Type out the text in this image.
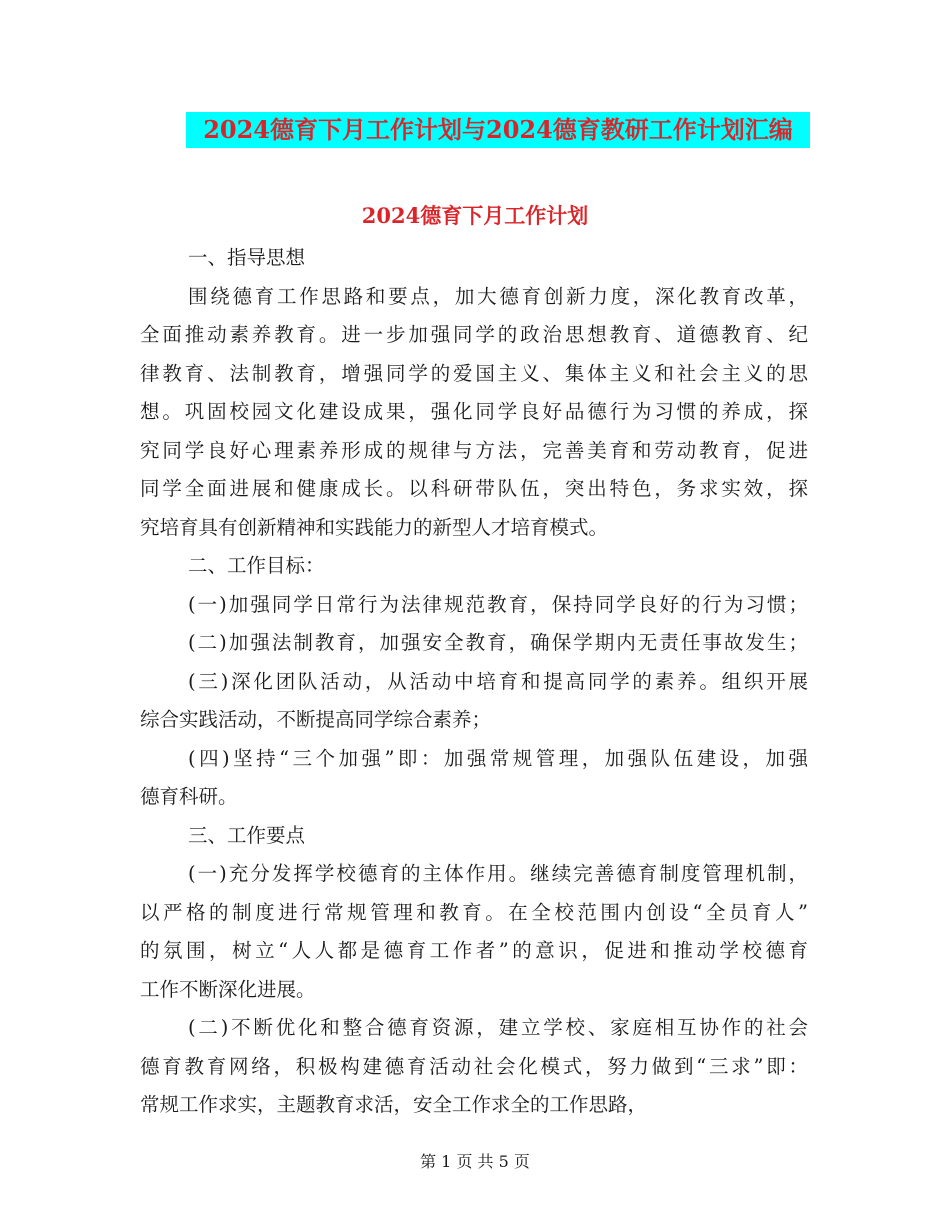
2024德育下月工作计划与2024德育教研工作计划汇编
2024德育下月工作计划
一、指导思想
围绕德育工作思路和要点，加大德育创新力度，深化教育改革，
全面推动素养教育。进一步加强同学的政治思想教育、道德教育、纪
律教育、法制教育，增强同学的爱国主义、集体主义和社会主义的思
想。巩固校园文化建设成果，强化同学良好品德行为习惯的养成，探
究同学良好心理素养形成的规律与方法，完善美育和劳动教育，促进
同学全面进展和健康成长。以科研带队伍，突出特色，务求实效，探
究培育具有创新精神和实践能力的新型人才培育模式。
二、工作目标：
(一)加强同学日常行为法律规范教育，保持同学良好的行为习惯；
(二)加强法制教育，加强安全教育，确保学期内无责任事故发生；
(三)深化团队活动，从活动中培育和提高同学的素养。组织开展
综合实践活动，不断提高同学综合素养；
(四)坚持“三个加强”即：加强常规管理，加强队伍建设，加强
德育科研。
三、工作要点
(一)充分发挥学校德育的主体作用。继续完善德育制度管理机制，
以严格的制度进行常规管理和教育。在全校范围内创设“全员育人”
的氛围，树立“人人都是德育工作者”的意识，促进和推动学校德育
工作不断深化进展。
(二)不断优化和整合德育资源，建立学校、家庭相互协作的社会
德育教育网络，积极构建德育活动社会化模式，努力做到“三求”即：
常规工作求实，主题教育求活，安全工作求全的工作思路，
第 1 页 共 5 页
